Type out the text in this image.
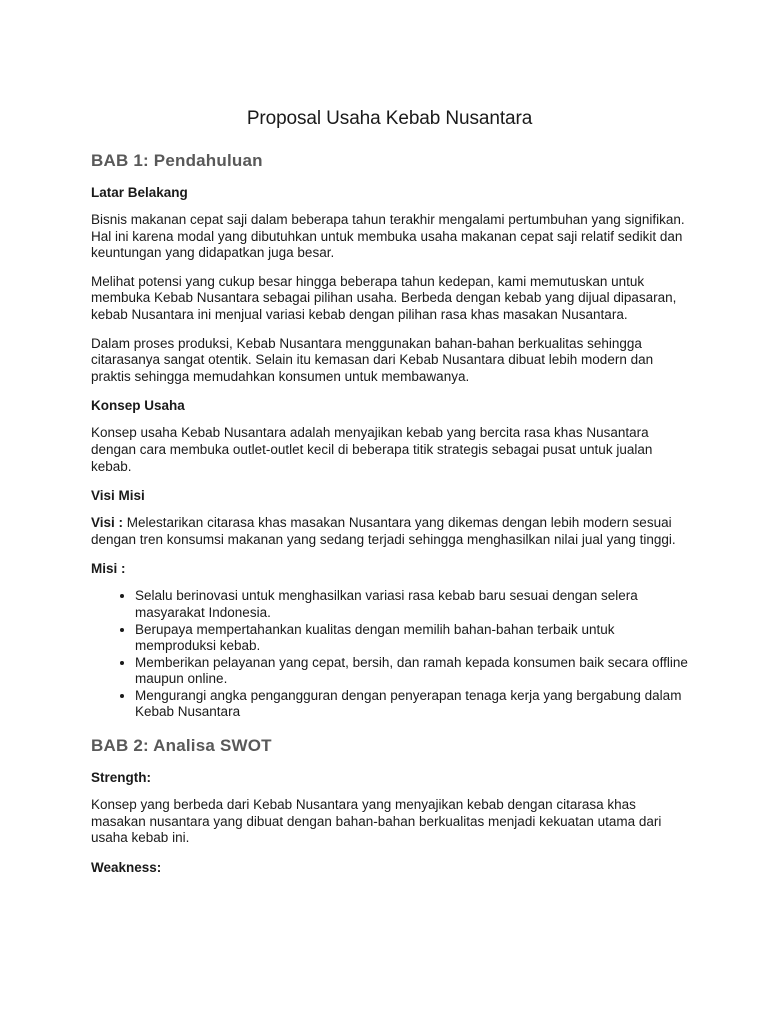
Proposal Usaha Kebab Nusantara
BAB 1: Pendahuluan
Latar Belakang

Bisnis makanan cepat saji dalam beberapa tahun terakhir mengalami pertumbuhan yang signifikan. Hal ini karena modal yang dibutuhkan untuk membuka usaha makanan cepat saji relatif sedikit dan keuntungan yang didapatkan juga besar.

Melihat potensi yang cukup besar hingga beberapa tahun kedepan, kami memutuskan untuk membuka Kebab Nusantara sebagai pilihan usaha. Berbeda dengan kebab yang dijual dipasaran, kebab Nusantara ini menjual variasi kebab dengan pilihan rasa khas masakan Nusantara.

Dalam proses produksi, Kebab Nusantara menggunakan bahan-bahan berkualitas sehingga citarasanya sangat otentik. Selain itu kemasan dari Kebab Nusantara dibuat lebih modern dan praktis sehingga memudahkan konsumen untuk membawanya.

Konsep Usaha

Konsep usaha Kebab Nusantara adalah menyajikan kebab yang bercita rasa khas Nusantara dengan cara membuka outlet-outlet kecil di beberapa titik strategis sebagai pusat untuk jualan kebab.

Visi Misi

Visi : Melestarikan citarasa khas masakan Nusantara yang dikemas dengan lebih modern sesuai dengan tren konsumsi makanan yang sedang terjadi sehingga menghasilkan nilai jual yang tinggi.

Misi :
• Selalu berinovasi untuk menghasilkan variasi rasa kebab baru sesuai dengan selera masyarakat Indonesia.
• Berupaya mempertahankan kualitas dengan memilih bahan-bahan terbaik untuk memproduksi kebab.
• Memberikan pelayanan yang cepat, bersih, dan ramah kepada konsumen baik secara offline maupun online.
• Mengurangi angka pengangguran dengan penyerapan tenaga kerja yang bergabung dalam Kebab Nusantara
BAB 2: Analisa SWOT
Strength:

Konsep yang berbeda dari Kebab Nusantara yang menyajikan kebab dengan citarasa khas masakan nusantara yang dibuat dengan bahan-bahan berkualitas menjadi kekuatan utama dari usaha kebab ini.

Weakness:
